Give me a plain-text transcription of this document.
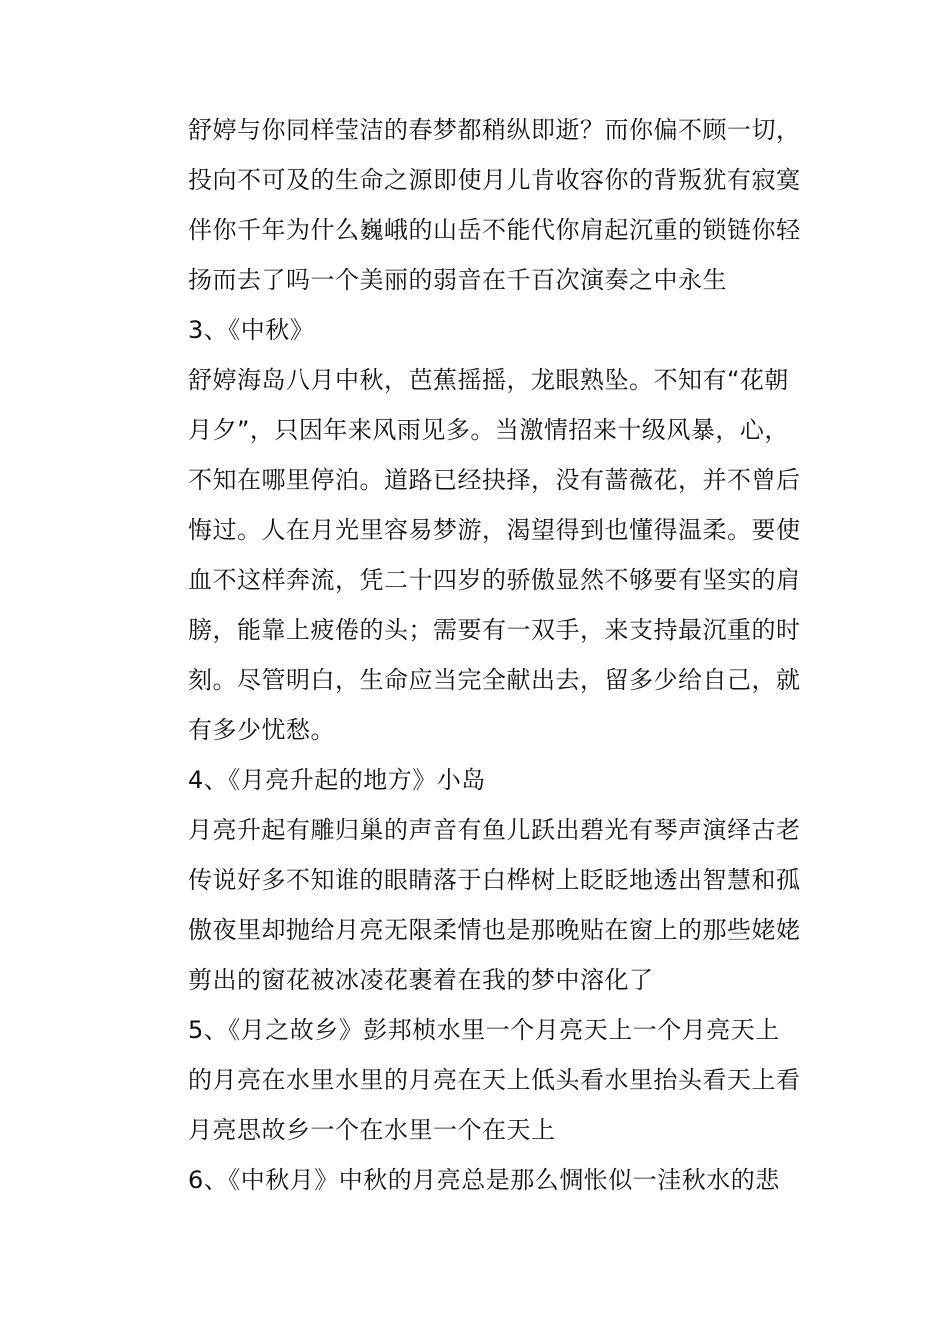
舒婷与你同样莹洁的春梦都稍纵即逝？而你偏不顾一切，
投向不可及的生命之源即使月儿肯收容你的背叛犹有寂寞
伴你千年为什么巍峨的山岳不能代你肩起沉重的锁链你轻
扬而去了吗一个美丽的弱音在千百次演奏之中永生
3、《中秋》
舒婷海岛八月中秋，芭蕉摇摇，龙眼熟坠。不知有“花朝
月夕”，只因年来风雨见多。当激情招来十级风暴，心，
不知在哪里停泊。道路已经抉择，没有蔷薇花，并不曾后
悔过。人在月光里容易梦游，渴望得到也懂得温柔。要使
血不这样奔流，凭二十四岁的骄傲显然不够要有坚实的肩
膀，能靠上疲倦的头；需要有一双手，来支持最沉重的时
刻。尽管明白，生命应当完全献出去，留多少给自己，就
有多少忧愁。
4、《月亮升起的地方》小岛
月亮升起有雕归巢的声音有鱼儿跃出碧光有琴声演绎古老
传说好多不知谁的眼睛落于白桦树上眨眨地透出智慧和孤
傲夜里却抛给月亮无限柔情也是那晚贴在窗上的那些姥姥
剪出的窗花被冰凌花裹着在我的梦中溶化了
5、《月之故乡》彭邦桢水里一个月亮天上一个月亮天上
的月亮在水里水里的月亮在天上低头看水里抬头看天上看
月亮思故乡一个在水里一个在天上
6、《中秋月》中秋的月亮总是那么惆怅似一洼秋水的悲
